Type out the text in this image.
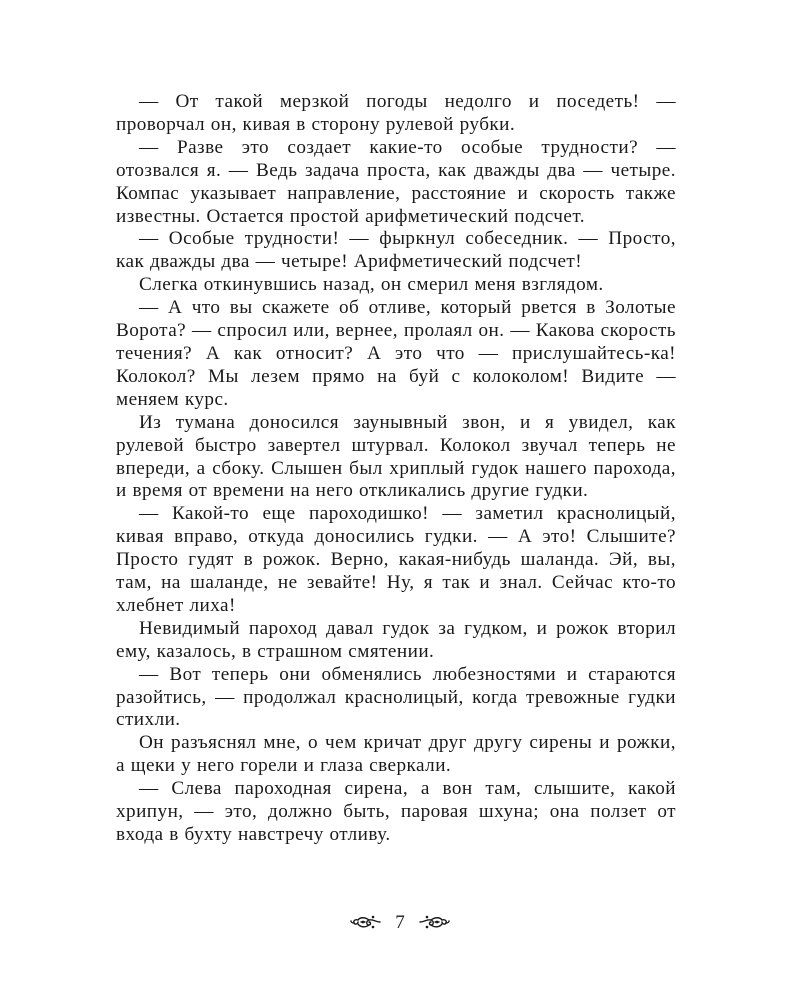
— От такой мерзкой погоды недолго и поседеть! — проворчал он, кивая в сторону рулевой рубки.

— Разве это создает какие-то особые трудности? — отозвался я. — Ведь задача проста, как дважды два — четыре. Компас указывает направление, расстояние и скорость также известны. Остается простой арифметический подсчет.

— Особые трудности! — фыркнул собеседник. — Просто, как дважды два — четыре! Арифметический подсчет!

Слегка откинувшись назад, он смерил меня взглядом.

— А что вы скажете об отливе, который рвется в Золотые Ворота? — спросил или, вернее, пролаял он. — Какова скорость течения? А как относит? А это что — прислушайтесь-ка! Колокол? Мы лезем прямо на буй с колоколом! Видите — меняем курс.

Из тумана доносился заунывный звон, и я увидел, как рулевой быстро завертел штурвал. Колокол звучал теперь не впереди, а сбоку. Слышен был хриплый гудок нашего парохода, и время от времени на него откликались другие гудки.

— Какой-то еще пароходишко! — заметил краснолицый, кивая вправо, откуда доносились гудки. — А это! Слышите? Просто гудят в рожок. Верно, какая-нибудь шаланда. Эй, вы, там, на шаланде, не зевайте! Ну, я так и знал. Сейчас кто-то хлебнет лиха!

Невидимый пароход давал гудок за гудком, и рожок вторил ему, казалось, в страшном смятении.

— Вот теперь они обменялись любезностями и стараются разойтись, — продолжал краснолицый, когда тревожные гудки стихли.

Он разъяснял мне, о чем кричат друг другу сирены и рожки, а щеки у него горели и глаза сверкали.

— Слева пароходная сирена, а вон там, слышите, какой хрипун, — это, должно быть, паровая шхуна; она ползет от входа в бухту навстречу отливу.

7
